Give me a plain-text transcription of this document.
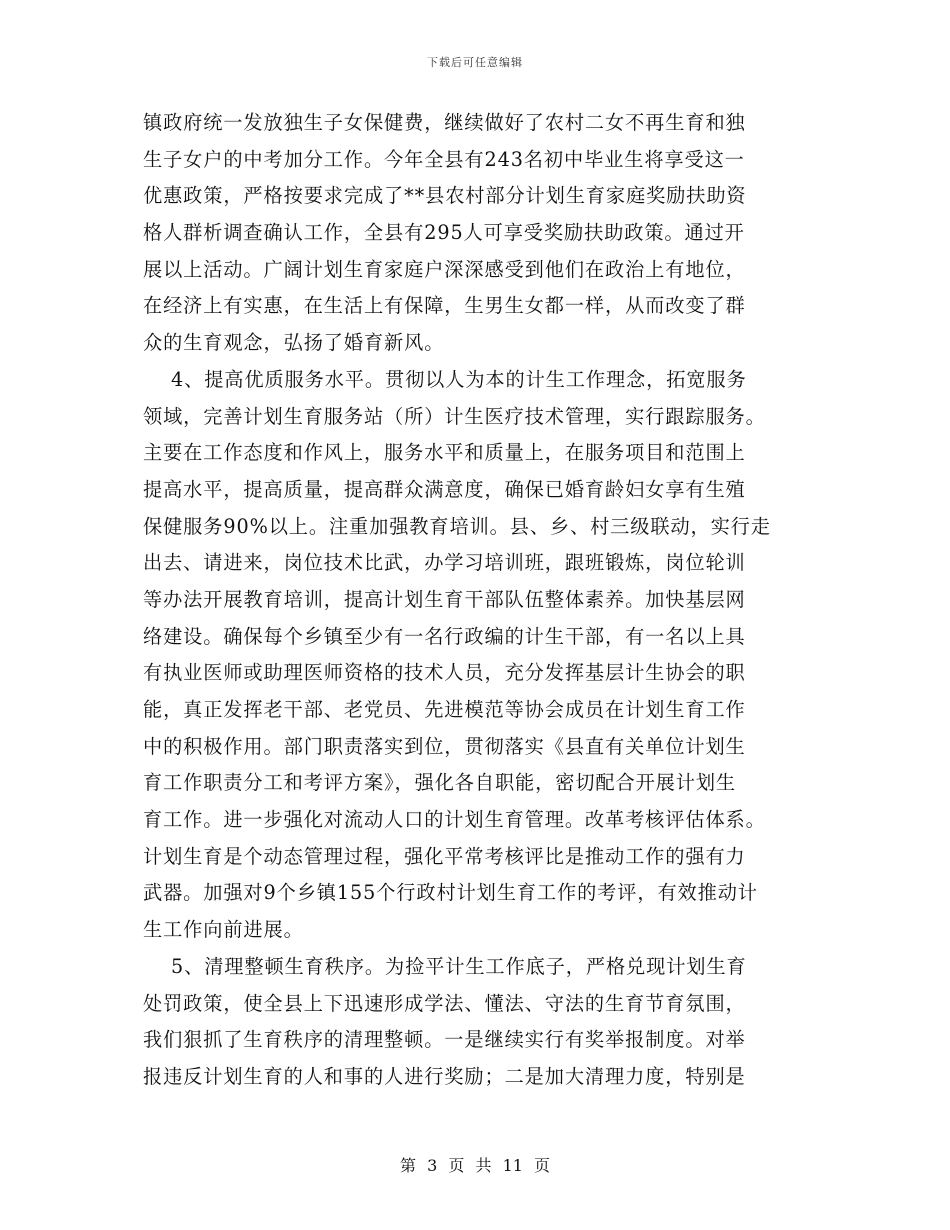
下载后可任意编辑
镇政府统一发放独生子女保健费，继续做好了农村二女不再生育和独
生子女户的中考加分工作。今年全县有243名初中毕业生将享受这一
优惠政策，严格按要求完成了**县农村部分计划生育家庭奖励扶助资
格人群析调查确认工作，全县有295人可享受奖励扶助政策。通过开
展以上活动。广阔计划生育家庭户深深感受到他们在政治上有地位，
在经济上有实惠，在生活上有保障，生男生女都一样，从而改变了群
众的生育观念，弘扬了婚育新风。
4、提高优质服务水平。贯彻以人为本的计生工作理念，拓宽服务
领域，完善计划生育服务站（所）计生医疗技术管理，实行跟踪服务。
主要在工作态度和作风上，服务水平和质量上，在服务项目和范围上
提高水平，提高质量，提高群众满意度，确保已婚育龄妇女享有生殖
保健服务90%以上。注重加强教育培训。县、乡、村三级联动，实行走
出去、请进来，岗位技术比武，办学习培训班，跟班锻炼，岗位轮训
等办法开展教育培训，提高计划生育干部队伍整体素养。加快基层网
络建设。确保每个乡镇至少有一名行政编的计生干部，有一名以上具
有执业医师或助理医师资格的技术人员，充分发挥基层计生协会的职
能，真正发挥老干部、老党员、先进模范等协会成员在计划生育工作
中的积极作用。部门职责落实到位，贯彻落实《县直有关单位计划生
育工作职责分工和考评方案》，强化各自职能，密切配合开展计划生
育工作。进一步强化对流动人口的计划生育管理。改革考核评估体系。
计划生育是个动态管理过程，强化平常考核评比是推动工作的强有力
武器。加强对9个乡镇155个行政村计划生育工作的考评，有效推动计
生工作向前进展。
5、清理整顿生育秩序。为捡平计生工作底子，严格兑现计划生育
处罚政策，使全县上下迅速形成学法、懂法、守法的生育节育氛围，
我们狠抓了生育秩序的清理整顿。一是继续实行有奖举报制度。对举
报违反计划生育的人和事的人进行奖励；二是加大清理力度，特别是
第 3 页 共 11 页
